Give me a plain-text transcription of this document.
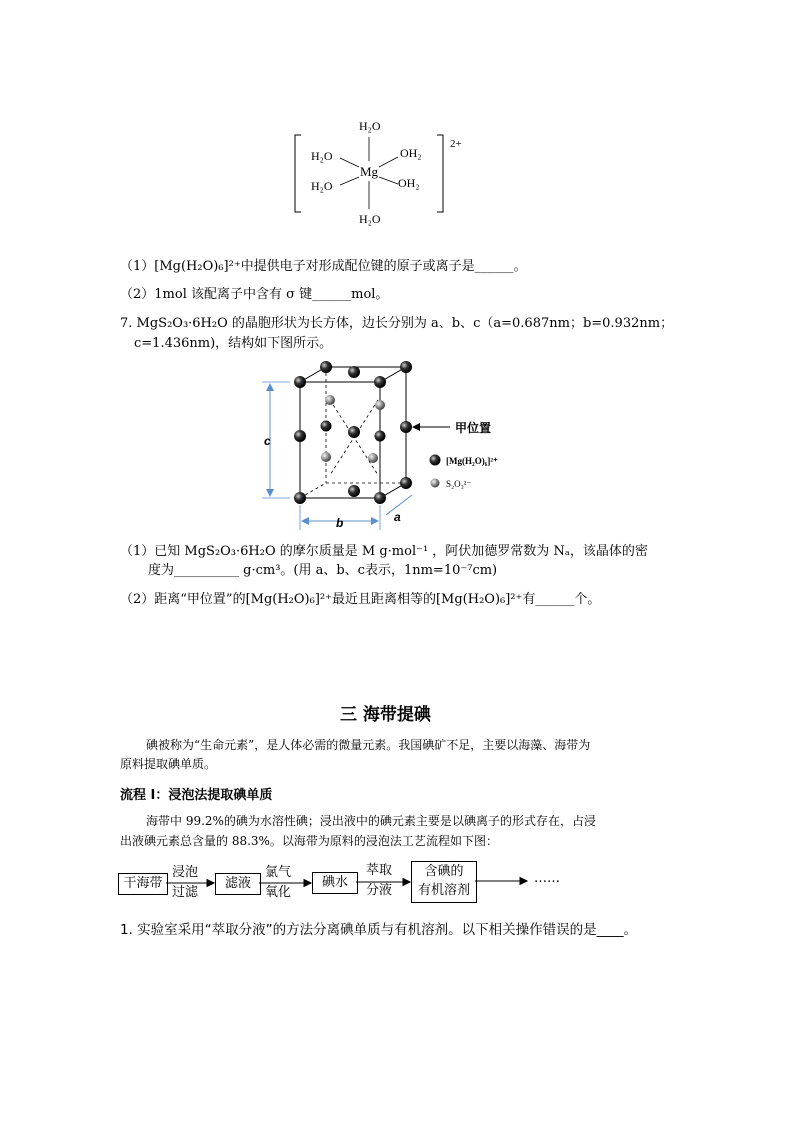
H₂O
H₂O	OH₂
H₂O	OH₂
H₂O
Mg
2+
（1）[Mg(H₂O)₆]²⁺中提供电子对形成配位键的原子或离子是______。
（2）1mol 该配离子中含有 σ 键______mol。
7. MgS₂O₃·6H₂O 的晶胞形状为长方体，边长分别为 a、b、c（a=0.687nm；b=0.932nm；
c=1.436nm)，结构如下图所示。
c
b	a
甲位置
[Mg(H₂O)₆]²⁺
S₂O₃²⁻
（1）已知 MgS₂O₃·6H₂O 的摩尔质量是 M g·mol⁻¹ ，阿伏加德罗常数为 Nₐ，该晶体的密
度为__________ g·cm³。(用 a、b、c表示，1nm=10⁻⁷cm)
（2）距离“甲位置”的[Mg(H₂O)₆]²⁺最近且距离相等的[Mg(H₂O)₆]²⁺有______个。
三 海带提碘
碘被称为“生命元素”，是人体必需的微量元素。我国碘矿不足，主要以海藻、海带为
原料提取碘单质。
流程 I：浸泡法提取碘单质
海带中 99.2%的碘为水溶性碘；浸出液中的碘元素主要是以碘离子的形式存在，占浸
出液碘元素总含量的 88.3%。以海带为原料的浸泡法工艺流程如下图：
干海带
浸泡
过滤
滤液
氯气
氧化
碘水
萃取
分液
含碘的
有机溶剂
……
1. 实验室采用“萃取分液”的方法分离碘单质与有机溶剂。以下相关操作错误的是____。
